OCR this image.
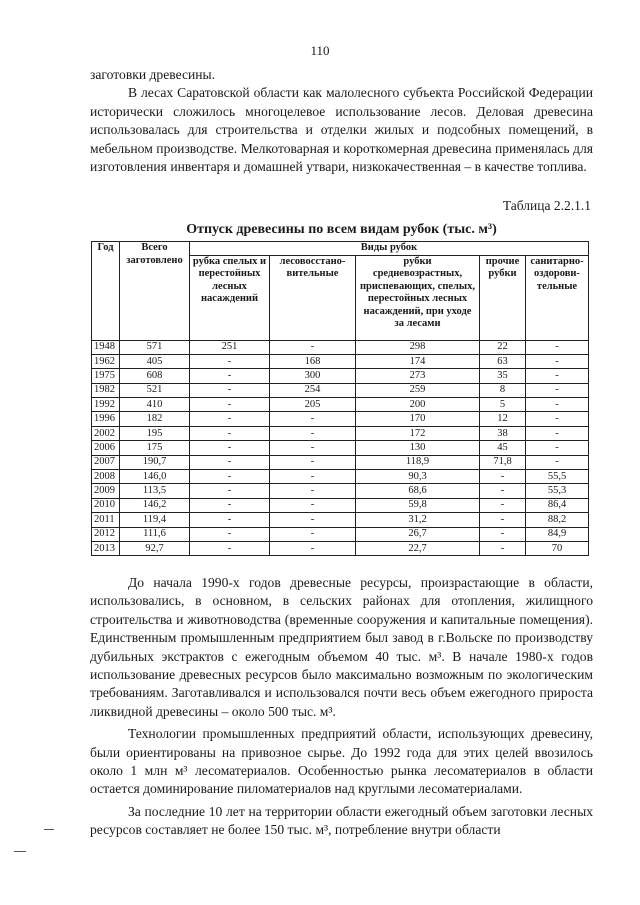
110

заготовки древесины.

В лесах Саратовской области как малолесного субъекта Российской Федерации исторически сложилось многоцелевое использование лесов. Деловая древесина использовалась для строительства и отделки жилых и подсобных помещений, в мебельном производстве. Мелкотоварная и короткомерная древесина применялась для изготовления инвентаря и домашней утвари, низкокачественная – в качестве топлива.

Таблица 2.2.1.1
Отпуск древесины по всем видам рубок (тыс. м³)
Год	Всего заготовлено	Виды рубок				
		рубка спелых и перестойных лесных насаждений	лесовосстано-вительные	рубки средневозрастных, приспевающих, спелых, перестойных лесных насаждений, при уходе за лесами	прочие рубки	санитарно-оздорови-тельные
1948	571	251	-	298	22	-
1962	405	-	168	174	63	-
1975	608	-	300	273	35	-
1982	521	-	254	259	8	-
1992	410	-	205	200	5	-
1996	182	-	-	170	12	-
2002	195	-	-	172	38	-
2006	175	-	-	130	45	-
2007	190,7	-	-	118,9	71,8	-
2008	146,0	-	-	90,3	-	55,5
2009	113,5	-	-	68,6	-	55,3
2010	146,2	-	-	59,8	-	86,4
2011	119,4	-	-	31,2	-	88,2
2012	111,6	-	-	26,7	-	84,9
2013	92,7	-	-	22,7	-	70

До начала 1990-х годов древесные ресурсы, произрастающие в области, использовались, в основном, в сельских районах для отопления, жилищного строительства и животноводства (временные сооружения и капитальные помещения). Единственным промышленным предприятием был завод в г.Вольске по производству дубильных экстрактов с ежегодным объемом 40 тыс. м³. В начале 1980-х годов использование древесных ресурсов было максимально возможным по экологическим требованиям. Заготавливался и использовался почти весь объем ежегодного прироста ликвидной древесины – около 500 тыс. м³.

Технологии промышленных предприятий области, использующих древесину, были ориентированы на привозное сырье. До 1992 года для этих целей ввозилось около 1 млн м³ лесоматериалов. Особенностью рынка лесоматериалов в области остается доминирование пиломатериалов над круглыми лесоматериалами.

За последние 10 лет на территории области ежегодный объем заготовки лесных ресурсов составляет не более 150 тыс. м³, потребление внутри области
